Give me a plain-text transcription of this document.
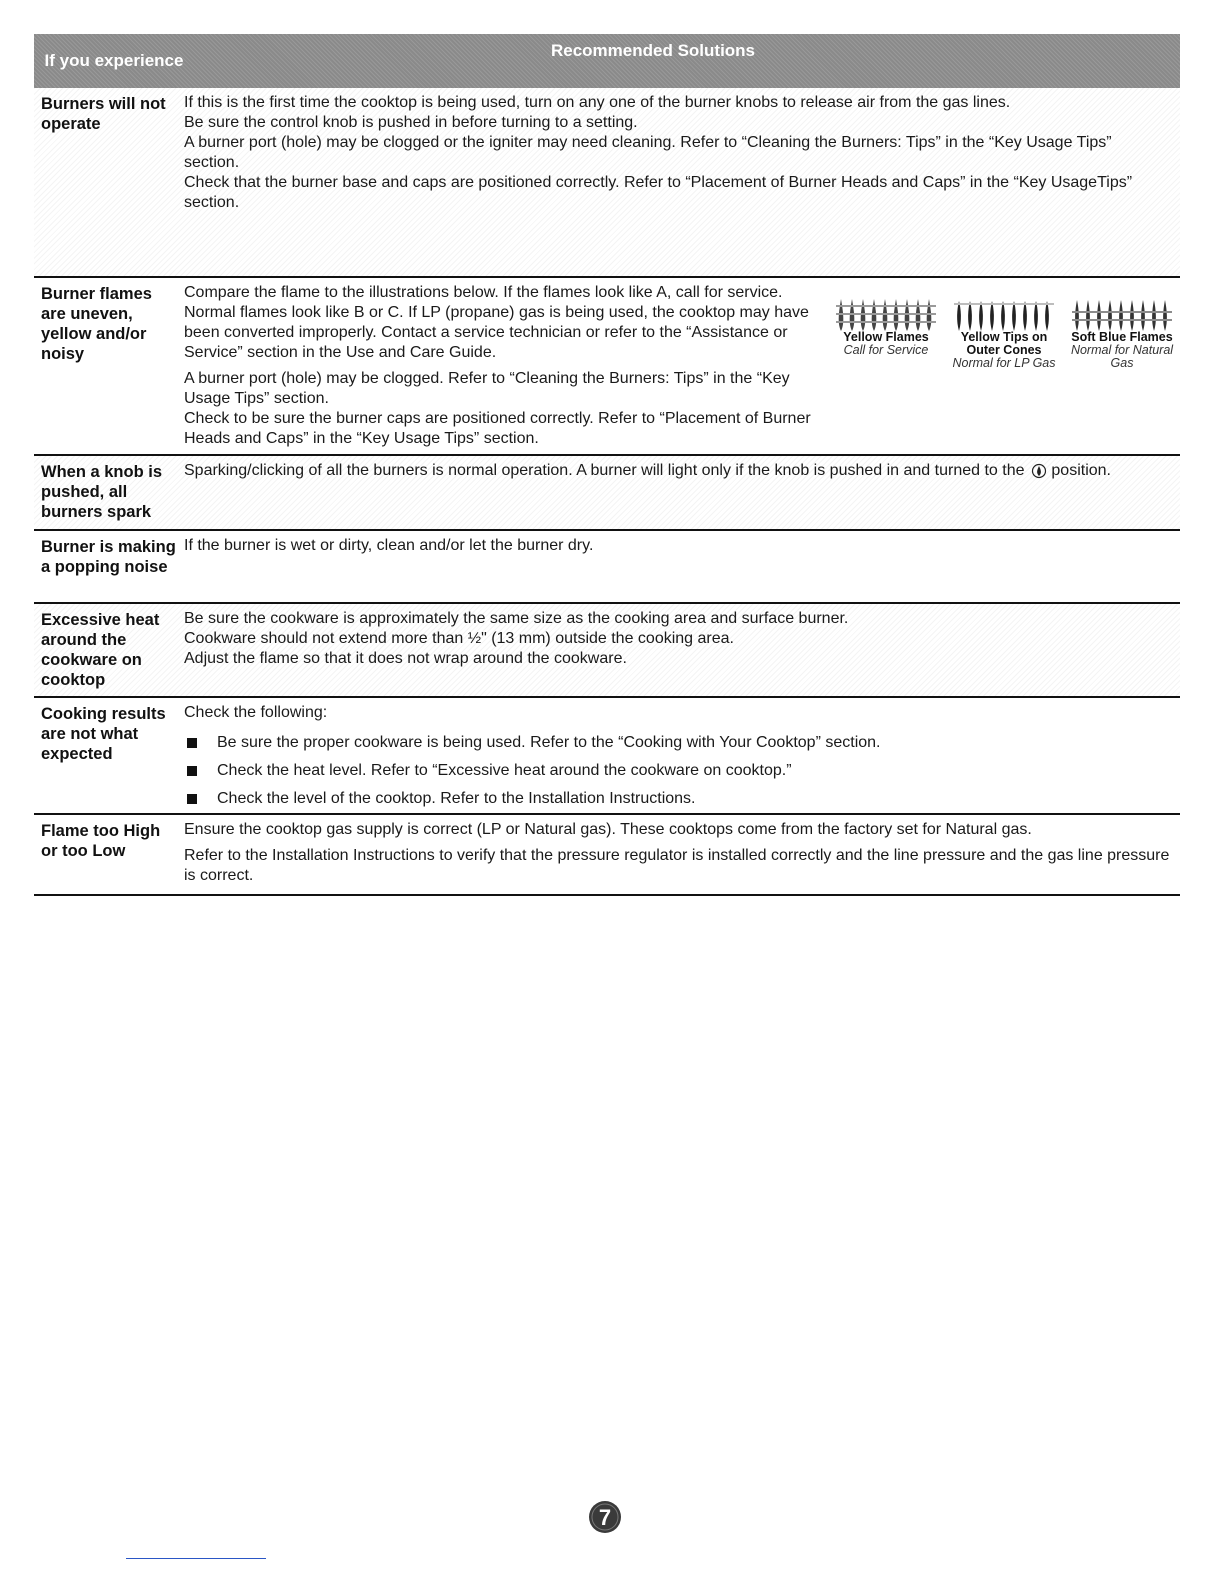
If you experience
Recommended Solutions
Burners will not operate

If this is the first time the cooktop is being used, turn on any one of the burner knobs to release air from the gas lines.

Be sure the control knob is pushed in before turning to a setting.

A burner port (hole) may be clogged or the igniter may need cleaning. Refer to “Cleaning the Burners: Tips” in the “Key Usage Tips” section.

Check that the burner base and caps are positioned correctly. Refer to “Placement of Burner Heads and Caps” in the “Key UsageTips” section.

Burner flames are uneven, yellow and/or noisy

Compare the flame to the illustrations below. If the flames look like A, call for service. Normal flames look like B or C. If LP (propane) gas is being used, the cooktop may have been converted improperly. Contact a service technician or refer to the “Assistance or Service” section in the Use and Care Guide.

A burner port (hole) may be clogged. Refer to “Cleaning the Burners: Tips” in the “Key Usage Tips” section.

Check to be sure the burner caps are positioned correctly. Refer to “Placement of Burner Heads and Caps” in the “Key Usage Tips” section.

Yellow Flames
Call for Service
Yellow Tips on Outer Cones
Normal for LP Gas
Soft Blue Flames
Normal for Natural Gas
When a knob is pushed, all burners spark

Sparking/clicking of all the burners is normal operation. A burner will light only if the knob is pushed in and turned to the position.

Burner is making a popping noise

If the burner is wet or dirty, clean and/or let the burner dry.

Excessive heat around the cookware on cooktop

Be sure the cookware is approximately the same size as the cooking area and surface burner.

Cookware should not extend more than ½" (13 mm) outside the cooking area.

Adjust the flame so that it does not wrap around the cookware.

Cooking results are not what expected

Check the following:

Be sure the proper cookware is being used. Refer to the “Cooking with Your Cooktop” section.
Check the heat level. Refer to “Excessive heat around the cookware on cooktop.”
Check the level of the cooktop. Refer to the Installation Instructions.
Flame too High or too Low

Ensure the cooktop gas supply is correct (LP or Natural gas). These cooktops come from the factory set for Natural gas.

Refer to the Installation Instructions to verify that the pressure regulator is installed correctly and the line pressure and the gas line pressure is correct.

7
